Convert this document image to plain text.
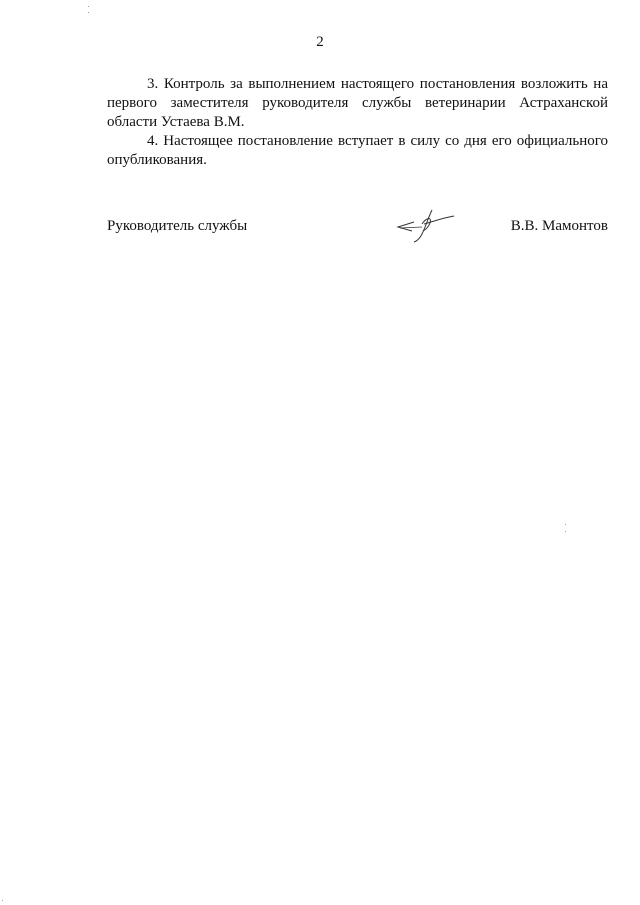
2

3. Контроль за выполнением настоящего постановления возложить на первого заместителя руководителя службы ветеринарии Астраханской области Устаева В.М.

4. Настоящее постановление вступает в силу со дня его официального опубликования.

Руководитель службы	В.В. Мамонтов
